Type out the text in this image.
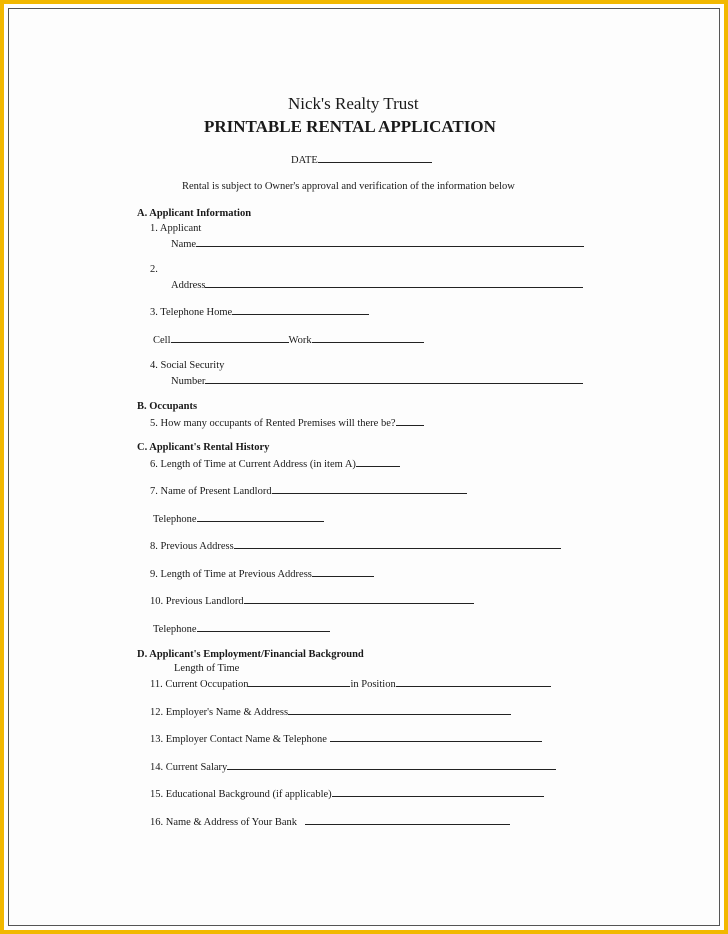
Nick's Realty Trust
PRINTABLE RENTAL APPLICATION
DATE
Rental is subject to Owner's approval and verification of the information below
A. Applicant Information
1. Applicant
Name
2.
Address
3. Telephone Home
Cell	Work
4. Social Security
Number
B. Occupants
5. How many occupants of Rented Premises will there be?
C. Applicant's Rental History
6. Length of Time at Current Address (in item A)
7. Name of Present Landlord
Telephone
8. Previous Address
9. Length of Time at Previous Address
10. Previous Landlord
Telephone
D. Applicant's Employment/Financial Background
Length of Time
11. Current Occupation	in Position
12. Employer's Name & Address
13. Employer Contact Name & Telephone
14. Current Salary
15. Educational Background (if applicable)
16. Name & Address of Your Bank
